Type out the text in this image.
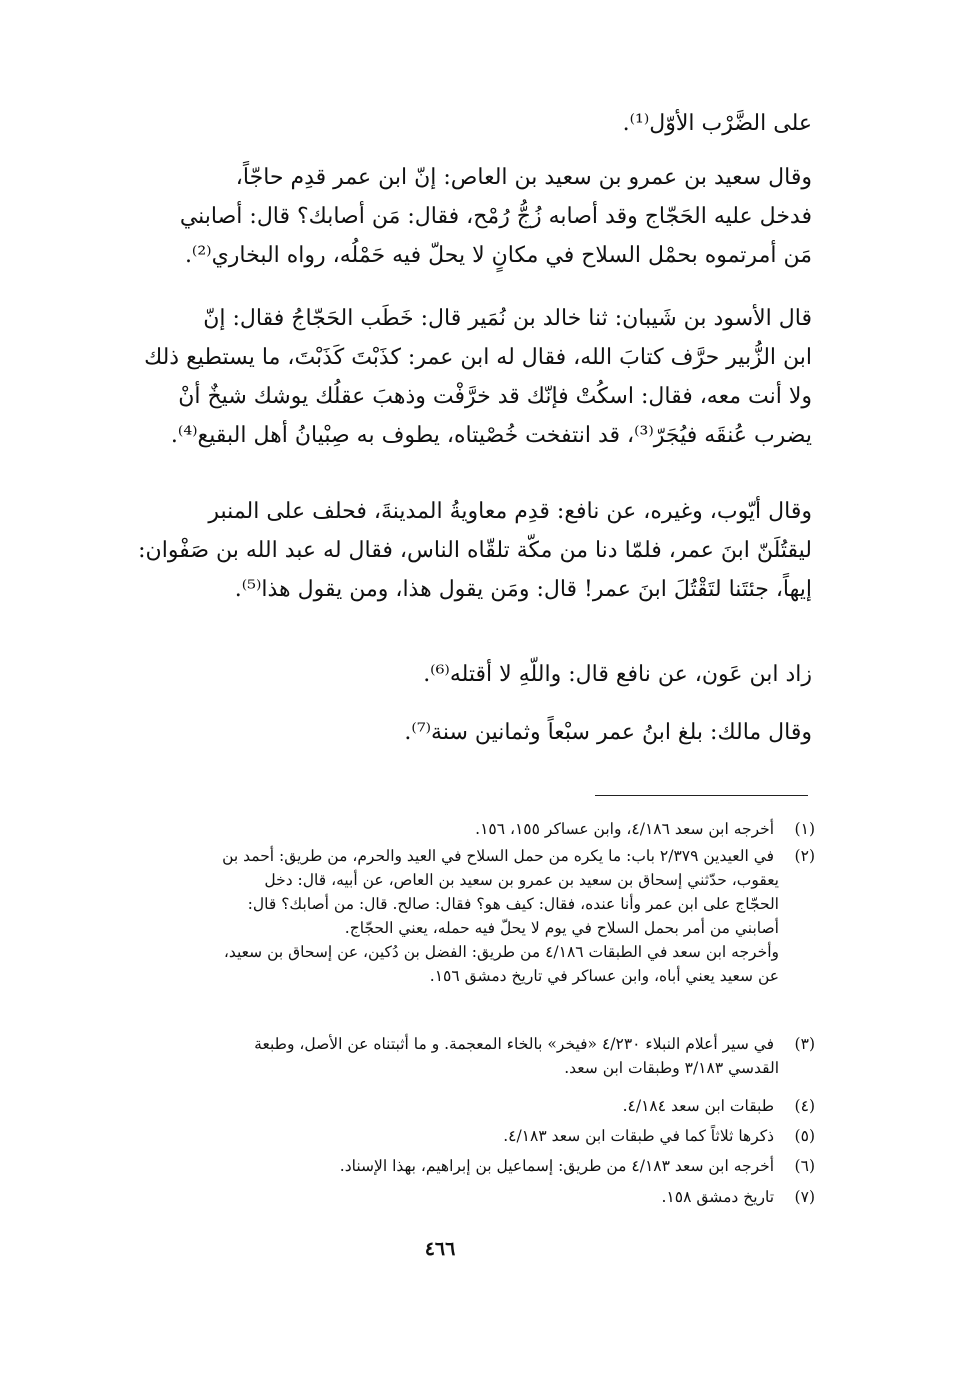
على الضَّرْب الأوّل⁽¹⁾.
وقال سعيد بن عمرو بن سعيد بن العاص: إنّ ابن عمر قدِم حاجّاً،
فدخل عليه الحَجّاج وقد أصابه زُجُّ رُمْح، فقال: مَن أصابك؟ قال: أصابني
مَن أمرتموه بحمْل السلاح في مكانٍ لا يحلّ فيه حَمْلُه، رواه البخاري⁽²⁾.
قال الأسود بن شَيبان: ثنا خالد بن نُمَير قال: خَطَب الحَجّاجُ فقال: إنّ
ابن الزُّبير حرَّف كتابَ الله، فقال له ابن عمر: كذَبْتَ كَذَبْتَ، ما يستطيع ذلك
ولا أنت معه، فقال: اسكُتْ فإنّك قد خرَّفْت وذهبَ عقلُك يوشك شيخٌ أنْ
يضرب عُنقَه فيُجَرّ⁽³⁾، قد انتفخت خُصْيتاه، يطوف به صِبْيانُ أهل البقيع⁽⁴⁾.
وقال أيّوب، وغيره، عن نافع: قدِم معاويةُ المدينةَ، فحلف على المنبر
ليقتُلَنّ ابنَ عمر، فلمّا دنا من مكّة تلقّاه الناس، فقال له عبد الله بن صَفْوان:
إيهاً، جئتَنا لتَقْتُلَ ابنَ عمر! قال: ومَن يقول هذا، ومن يقول هذا⁽⁵⁾.
زاد ابن عَون، عن نافع قال: واللّهِ لا أقتله⁽⁶⁾.
وقال مالك: بلغ ابنُ عمر سبْعاً وثمانين سنة⁽⁷⁾.
(١) أخرجه ابن سعد ٤/١٨٦، وابن عساكر ١٥٥، ١٥٦.
(٢) في العيدين ٢/٣٧٩ باب: ما يكره من حمل السلاح في العيد والحرم، من طريق: أحمد بن
يعقوب، حدّثني إسحاق بن سعيد بن عمرو بن سعيد بن العاص، عن أبيه، قال: دخل
الحجّاج على ابن عمر وأنا عنده، فقال: كيف هو؟ فقال: صالح. قال: من أصابك؟ قال:
أصابني من أمر بحمل السلاح في يوم لا يحلّ فيه حمله، يعني الحجّاج.
وأخرجه ابن سعد في الطبقات ٤/١٨٦ من طريق: الفضل بن دُكين، عن إسحاق بن سعيد،
عن سعيد يعني أباه، وابن عساكر في تاريخ دمشق ١٥٦.
(٣) في سير أعلام النبلاء ٤/٢٣٠ «فيخر» بالخاء المعجمة. و ما أثبتناه عن الأصل، وطبعة
القدسي ٣/١٨٣ وطبقات ابن سعد.
(٤) طبقات ابن سعد ٤/١٨٤.
(٥) ذكرها ثلاثاً كما في طبقات ابن سعد ٤/١٨٣.
(٦) أخرجه ابن سعد ٤/١٨٣ من طريق: إسماعيل بن إبراهيم، بهذا الإسناد.
(٧) تاريخ دمشق ١٥٨.
٤٦٦
